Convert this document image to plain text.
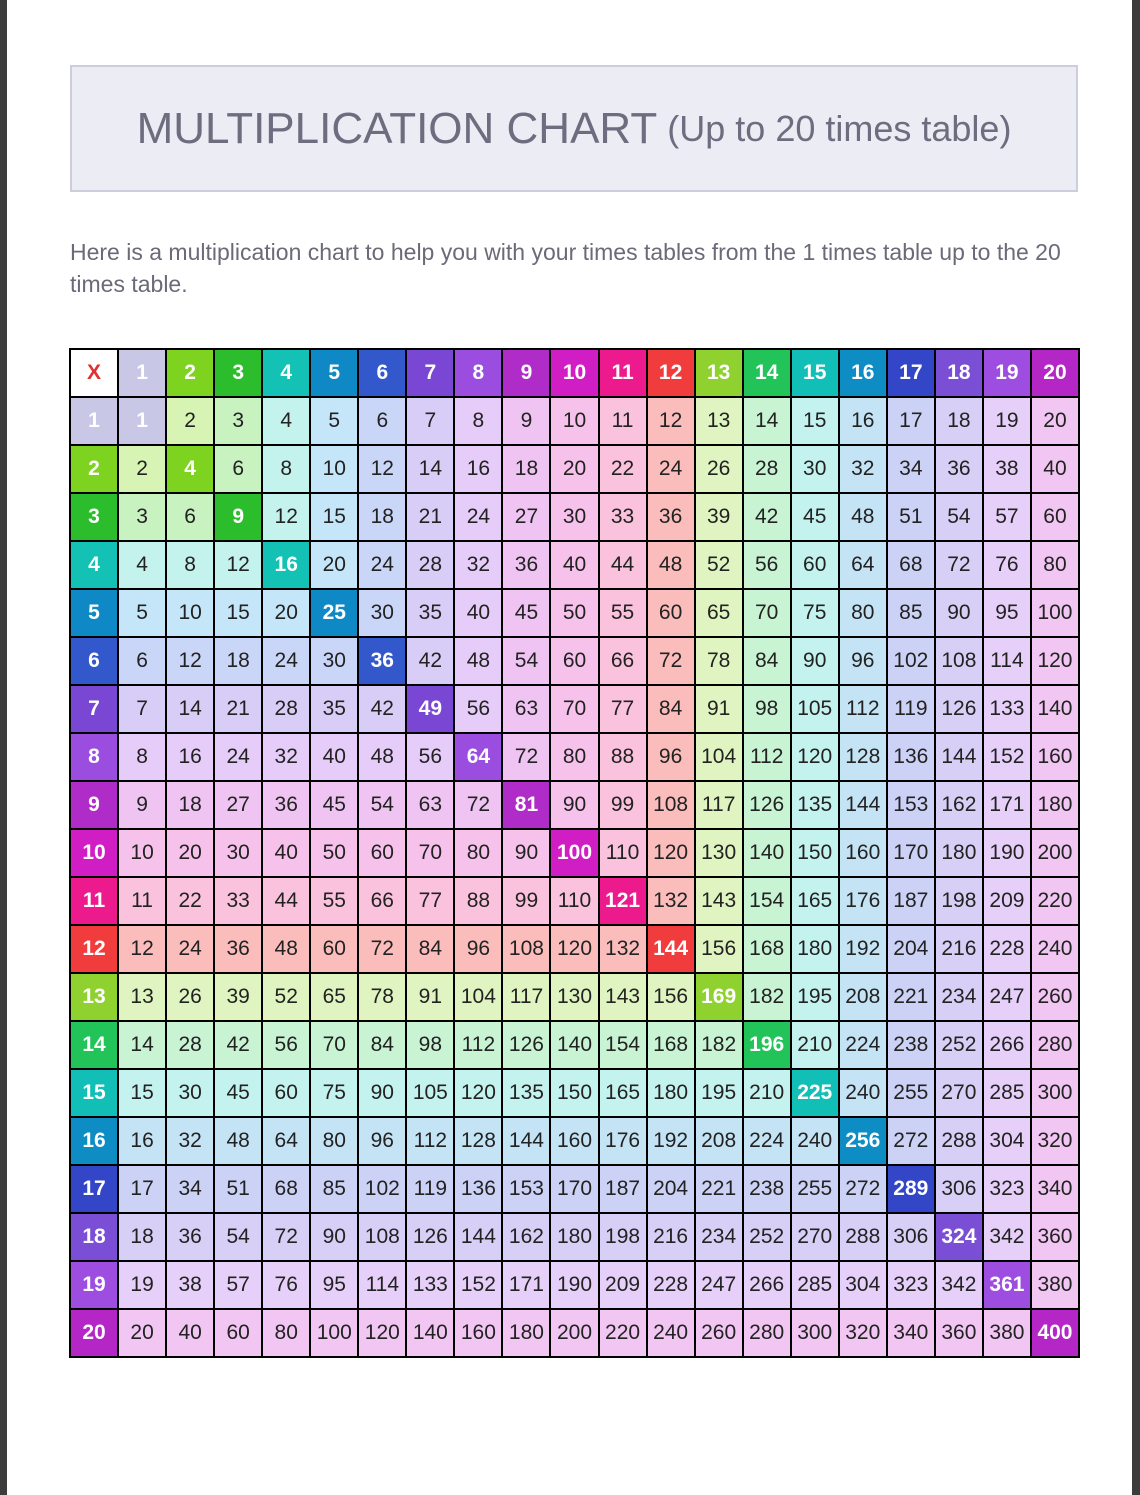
MULTIPLICATION CHART (Up to 20 times table)
Here is a multiplication chart to help you with your times tables from the 1 times table up to the 20 times table.
X	1	2	3	4	5	6	7	8	9	10	11	12	13	14	15	16	17	18	19	20
1	1	2	3	4	5	6	7	8	9	10	11	12	13	14	15	16	17	18	19	20
2	2	4	6	8	10	12	14	16	18	20	22	24	26	28	30	32	34	36	38	40
3	3	6	9	12	15	18	21	24	27	30	33	36	39	42	45	48	51	54	57	60
4	4	8	12	16	20	24	28	32	36	40	44	48	52	56	60	64	68	72	76	80
5	5	10	15	20	25	30	35	40	45	50	55	60	65	70	75	80	85	90	95 100
6	6	12	18	24	30	36	42	48	54	60	66	72	78	84	90	96 102 108 114 120
7	7	14	21	28	35	42	49	56	63	70	77	84	91	98 105 112 119 126 133 140
8	8	16	24	32	40	48	56	64	72	80	88	96 104 112 120 128 136 144 152 160
9	9	18	27	36	45	54	63	72	81	90	99 108 117 126 135 144 153 162 171 180
10	10	20	30	40	50	60	70	80	90 100 110 120 130 140 150 160 170 180 190 200
11	11	22	33	44	55	66	77	88	99 110 121 132 143 154 165 176 187 198 209 220
12	12	24	36	48	60	72	84	96 108 120 132 144 156 168 180 192 204 216 228 240
13	13	26	39	52	65	78	91 104 117 130 143 156 169 182 195 208 221 234 247 260
14	14	28	42	56	70	84	98 112 126 140 154 168 182 196 210 224 238 252 266 280
15	15	30	45	60	75	90 105 120 135 150 165 180 195 210 225 240 255 270 285 300
16	16	32	48	64	80	96 112 128 144 160 176 192 208 224 240 256 272 288 304 320
17	17	34	51	68	85 102 119 136 153 170 187 204 221 238 255 272 289 306 323 340
18	18	36	54	72	90 108 126 144 162 180 198 216 234 252 270 288 306 324 342 360
19	19	38	57	76	95 114 133 152 171 190 209 228 247 266 285 304 323 342 361 380
20	20	40	60	80 100 120 140 160 180 200 220 240 260 280 300 320 340 360 380 400
